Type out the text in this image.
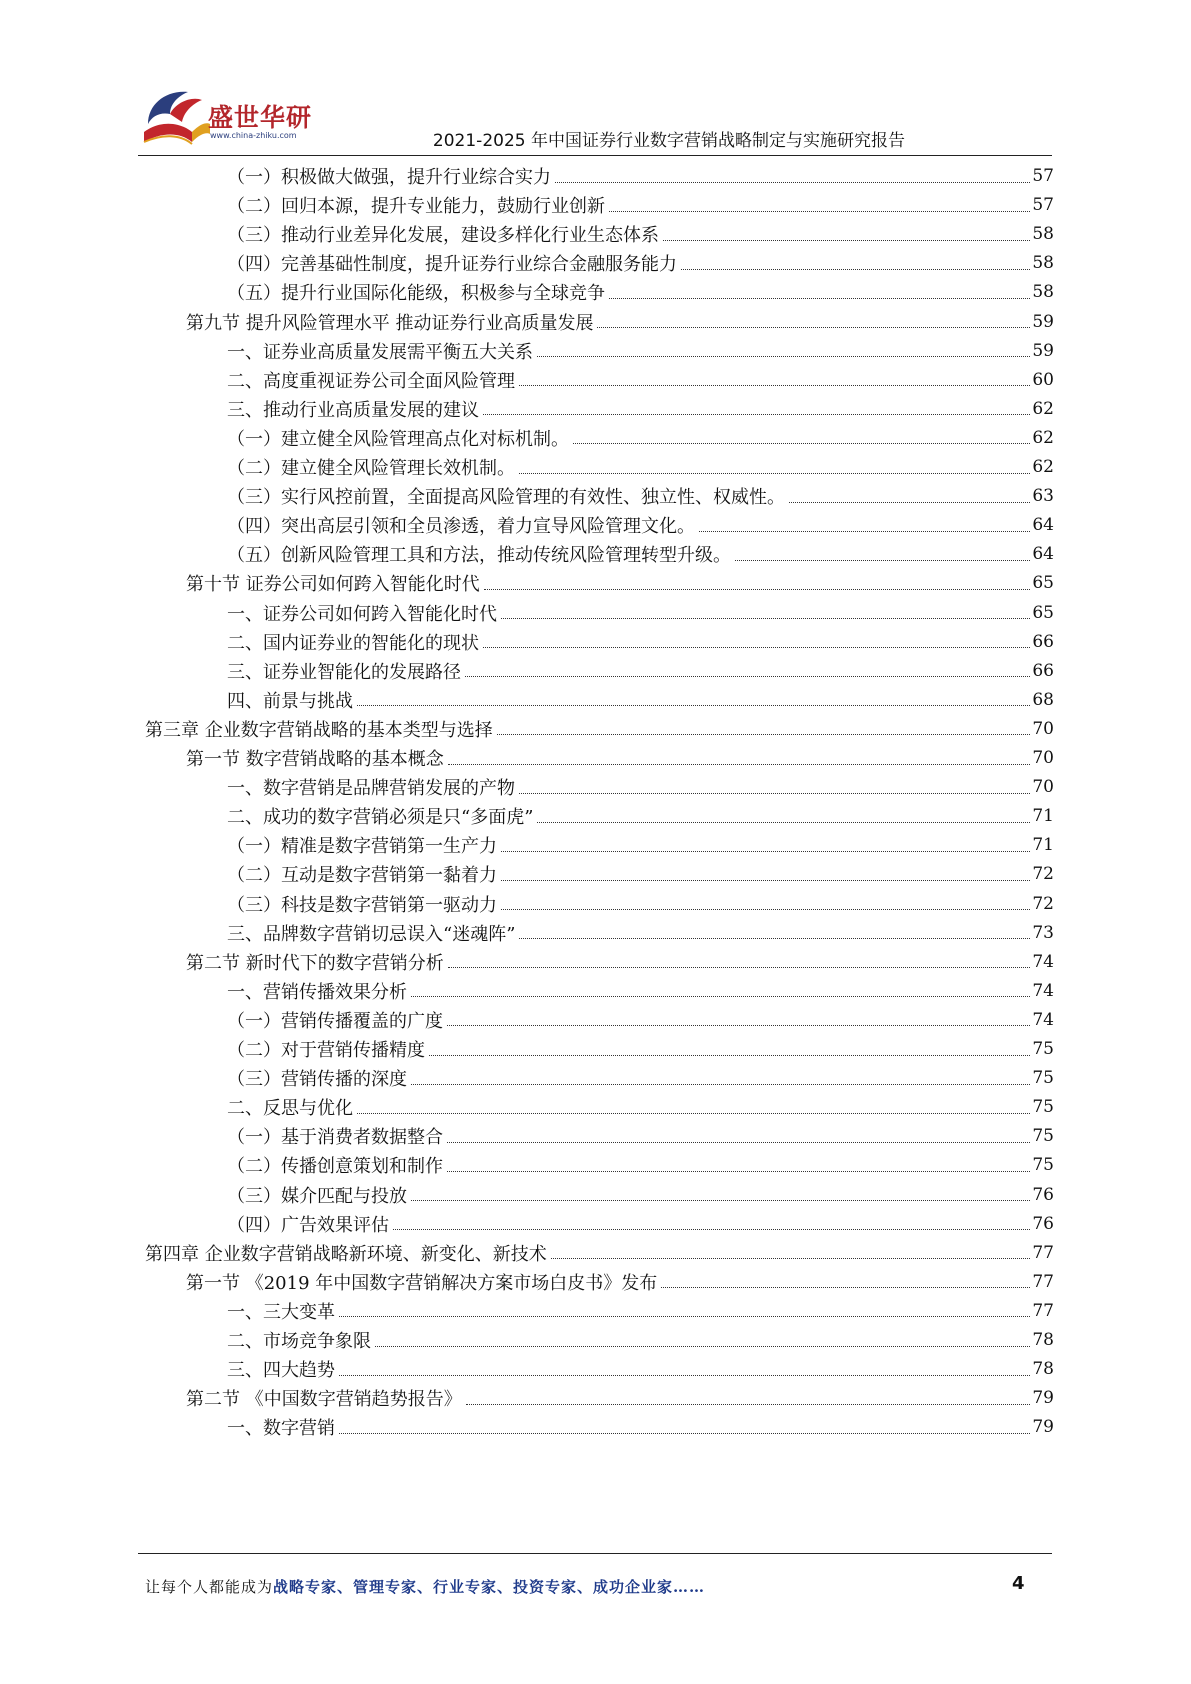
盛世华研
www.china-zhiku.com	2021-2025 年中国证券行业数字营销战略制定与实施研究报告
（一）积极做大做强，提升行业综合实力	57
（二）回归本源，提升专业能力，鼓励行业创新	57
（三）推动行业差异化发展，建设多样化行业生态体系	58
（四）完善基础性制度，提升证券行业综合金融服务能力	58
（五）提升行业国际化能级，积极参与全球竞争	58
第九节 提升风险管理水平 推动证券行业高质量发展	59
一、证券业高质量发展需平衡五大关系	59
二、高度重视证券公司全面风险管理	60
三、推动行业高质量发展的建议	62
（一）建立健全风险管理高点化对标机制。	62
（二）建立健全风险管理长效机制。	62
（三）实行风控前置，全面提高风险管理的有效性、独立性、权威性。	63
（四）突出高层引领和全员渗透，着力宣导风险管理文化。	64
（五）创新风险管理工具和方法，推动传统风险管理转型升级。	64
第十节 证券公司如何跨入智能化时代	65
一、证券公司如何跨入智能化时代	65
二、国内证券业的智能化的现状	66
三、证券业智能化的发展路径	66
四、前景与挑战	68
第三章 企业数字营销战略的基本类型与选择	70
第一节 数字营销战略的基本概念	70
一、数字营销是品牌营销发展的产物	70
二、成功的数字营销必须是只“多面虎”	71
（一）精准是数字营销第一生产力	71
（二）互动是数字营销第一黏着力	72
（三）科技是数字营销第一驱动力	72
三、品牌数字营销切忌误入“迷魂阵”	73
第二节 新时代下的数字营销分析	74
一、营销传播效果分析	74
（一）营销传播覆盖的广度	74
（二）对于营销传播精度	75
（三）营销传播的深度	75
二、反思与优化	75
（一）基于消费者数据整合	75
（二）传播创意策划和制作	75
（三）媒介匹配与投放	76
（四）广告效果评估	76
第四章 企业数字营销战略新环境、新变化、新技术	77
第一节 《2019 年中国数字营销解决方案市场白皮书》发布	77
一、三大变革	77
二、市场竞争象限	78
三、四大趋势	78
第二节 《中国数字营销趋势报告》	79
一、数字营销	79
让每个人都能成为战略专家、管理专家、行业专家、投资专家、成功企业家……	4
